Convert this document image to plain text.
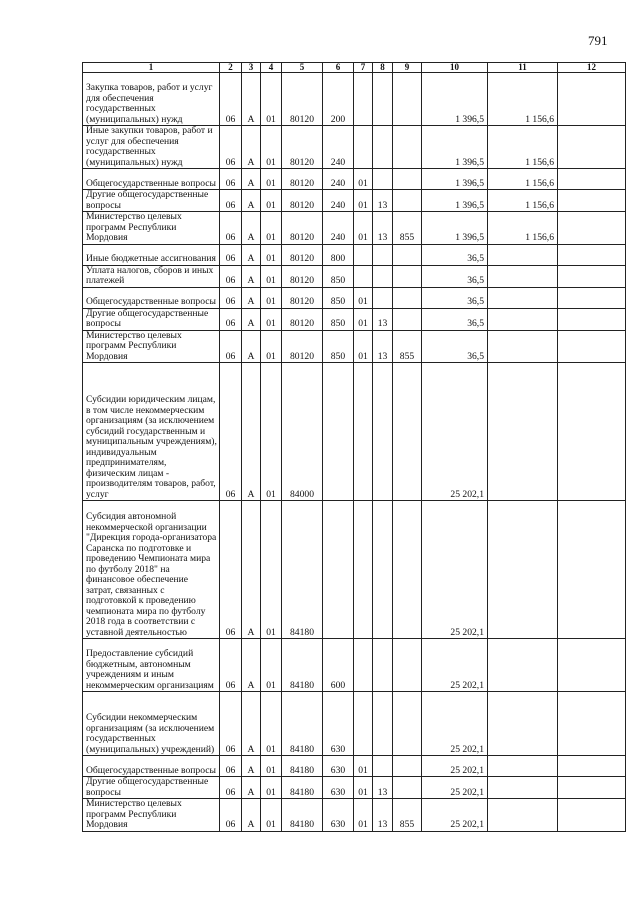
791
1	2	3	4	5	6	7	8	9	10	11	12
Закупка товаров, работ и услуг для обеспечения государственных (муниципальных) нужд	06	А	01	80120	200				1 396,5	1 156,6	
Иные закупки товаров, работ и услуг для обеспечения государственных (муниципальных) нужд	06	А	01	80120	240				1 396,5	1 156,6	
Общегосударственные вопросы	06	А	01	80120	240	01			1 396,5	1 156,6	
Другие общегосударственные вопросы	06	А	01	80120	240	01	13		1 396,5	1 156,6	
Министерство целевых программ Республики Мордовия	06	А	01	80120	240	01	13	855	1 396,5	1 156,6	
Иные бюджетные ассигнования	06	А	01	80120	800				36,5		
Уплата налогов, сборов и иных платежей	06	А	01	80120	850				36,5		
Общегосударственные вопросы	06	А	01	80120	850	01			36,5		
Другие общегосударственные вопросы	06	А	01	80120	850	01	13		36,5		
Министерство целевых программ Республики Мордовия	06	А	01	80120	850	01	13	855	36,5		
Субсидии юридическим лицам, в том числе некоммерческим организациям (за исключением субсидий государственным и муниципальным учреждениям), индивидуальным предпринимателям, физическим лицам - производителям товаров, работ, услуг	06	А	01	84000					25 202,1		
Субсидия автономной некоммерческой организации "Дирекция города-организатора Саранска по подготовке и проведению Чемпионата мира по футболу 2018" на финансовое обеспечение затрат, связанных с подготовкой к проведению чемпионата мира по футболу 2018 года в соответствии с уставной деятельностью	06	А	01	84180					25 202,1		
Предоставление субсидий бюджетным, автономным учреждениям и иным некоммерческим организациям	06	А	01	84180	600				25 202,1		
Субсидии некоммерческим организациям (за исключением государственных (муниципальных) учреждений)	06	А	01	84180	630				25 202,1		
Общегосударственные вопросы	06	А	01	84180	630	01			25 202,1		
Другие общегосударственные вопросы	06	А	01	84180	630	01	13		25 202,1		
Министерство целевых программ Республики Мордовия	06	А	01	84180	630	01	13	855	25 202,1		
